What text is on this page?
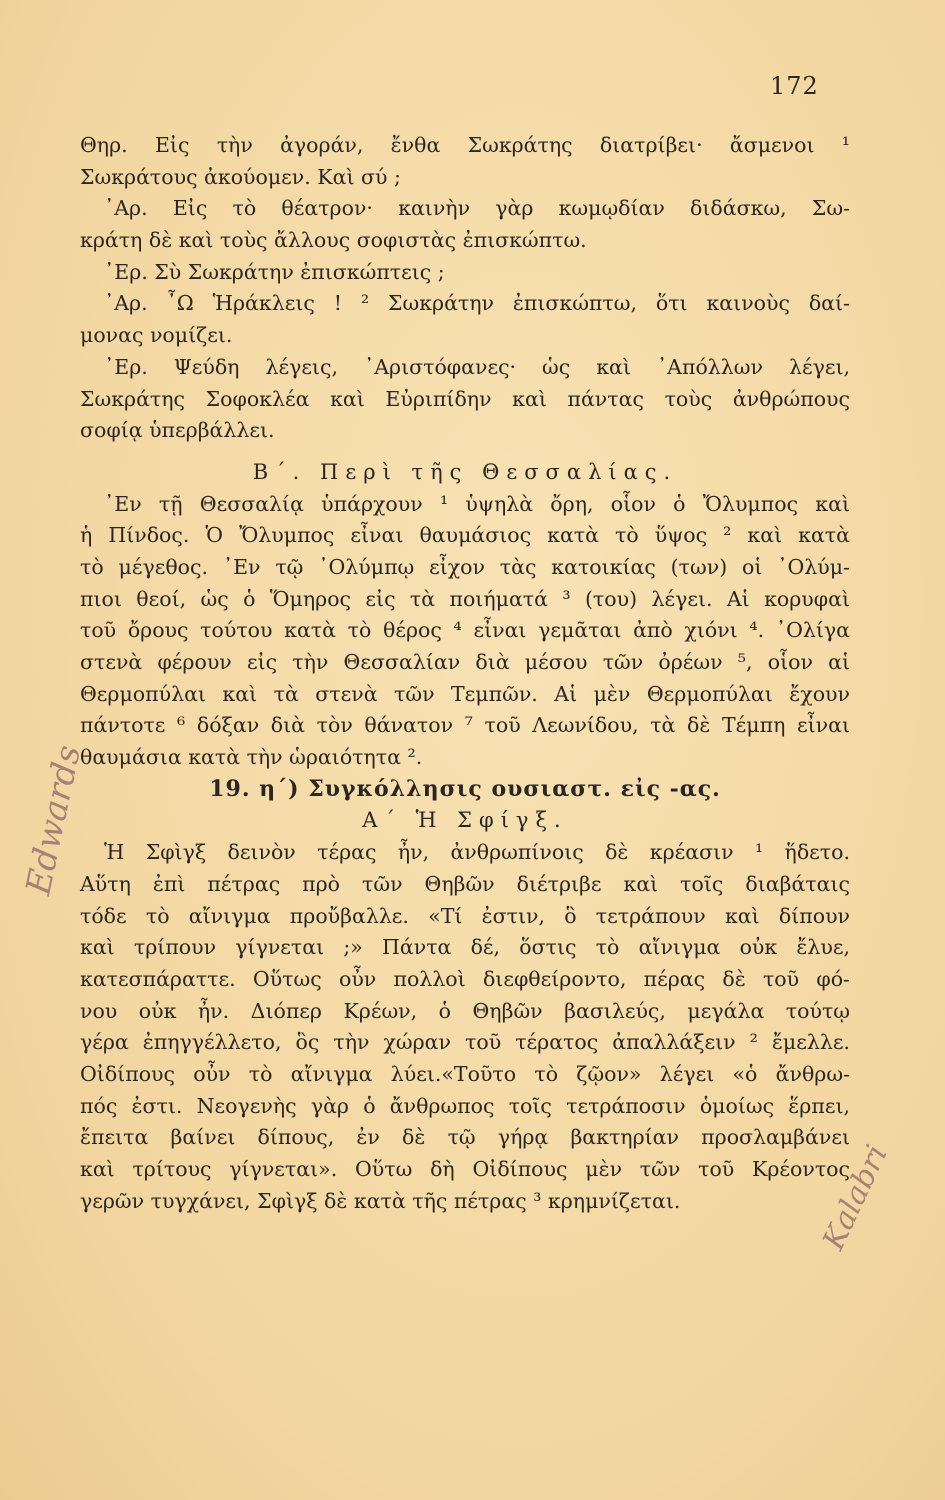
172
Θηρ. Εἰς τὴν ἀγοράν, ἔνθα Σωκράτης διατρίβει· ἄσμενοι ¹
Σωκράτους ἀκούομεν. Καὶ σύ ;
᾿Αρ. Εἰς τὸ θέατρον· καινὴν γὰρ κωμῳδίαν διδάσκω, Σω-
κράτη δὲ καὶ τοὺς ἄλλους σοφιστὰς ἐπισκώπτω.
᾿Ερ. Σὺ Σωκράτην ἐπισκώπτεις ;
᾿Αρ. ῏Ω Ἡράκλεις ! ² Σωκράτην ἐπισκώπτω, ὅτι καινοὺς δαί-
μονας νομίζει.
᾿Ερ. Ψεύδη λέγεις, ᾿Αριστόφανες· ὡς καὶ ᾿Απόλλων λέγει,
Σωκράτης Σοφοκλέα καὶ Εὐριπίδην καὶ πάντας τοὺς ἀνθρώπους
σοφίᾳ ὑπερβάλλει.
Β΄. Περὶ τῆς Θεσσαλίας.
᾿Εν τῇ Θεσσαλίᾳ ὑπάρχουν ¹ ὑψηλὰ ὄρη, οἷον ὁ Ὄλυμπος καὶ
ἡ Πίνδος. Ὁ Ὄλυμπος εἶναι θαυμάσιος κατὰ τὸ ὕψος ² καὶ κατὰ
τὸ μέγεθος. ᾿Εν τῷ ᾿Ολύμπῳ εἶχον τὰς κατοικίας (των) οἱ ᾿Ολύμ-
πιοι θεοί, ὡς ὁ Ὅμηρος εἰς τὰ ποιήματά ³ (του) λέγει. Αἱ κορυφαὶ
τοῦ ὄρους τούτου κατὰ τὸ θέρος ⁴ εἶναι γεμᾶται ἀπὸ χιόνι ⁴. ᾿Ολίγα
στενὰ φέρουν εἰς τὴν Θεσσαλίαν διὰ μέσου τῶν ὀρέων ⁵, οἷον αἱ
Θερμοπύλαι καὶ τὰ στενὰ τῶν Τεμπῶν. Αἱ μὲν Θερμοπύλαι ἔχουν
πάντοτε ⁶ δόξαν διὰ τὸν θάνατον ⁷ τοῦ Λεωνίδου, τὰ δὲ Τέμπη εἶναι
θαυμάσια κατὰ τὴν ὡραιότητα ².
19. η΄) Συγκόλλησις ουσιαστ. εἰς -ας.
Α΄ Ἡ Σφίγξ.
Ἡ Σφὶγξ δεινὸν τέρας ἦν, ἀνθρωπίνοις δὲ κρέασιν ¹ ἥδετο.
Αὕτη ἐπὶ πέτρας πρὸ τῶν Θηβῶν διέτριβε καὶ τοῖς διαβάταις
τόδε τὸ αἴνιγμα προὔβαλλε. «Τί ἐστιν, ὃ τετράπουν καὶ δίπουν
καὶ τρίπουν γίγνεται ;» Πάντα δέ, ὅστις τὸ αἴνιγμα οὐκ ἔλυε,
κατεσπάραττε. Οὕτως οὖν πολλοὶ διεφθείροντο, πέρας δὲ τοῦ φό-
νου οὐκ ἦν. Διόπερ Κρέων, ὁ Θηβῶν βασιλεύς, μεγάλα τούτῳ
γέρα ἐπηγγέλλετο, ὃς τὴν χώραν τοῦ τέρατος ἀπαλλάξειν ² ἔμελλε.
Οἰδίπους οὖν τὸ αἴνιγμα λύει.«Τοῦτο τὸ ζῷον» λέγει «ὁ ἄνθρω-
πός ἐστι. Νεογενὴς γὰρ ὁ ἄνθρωπος τοῖς τετράποσιν ὁμοίως ἕρπει,
ἔπειτα βαίνει δίπους, ἐν δὲ τῷ γήρᾳ βακτηρίαν προσλαμβάνει
καὶ τρίτους γίγνεται». Οὕτω δὴ Οἰδίπους μὲν τῶν τοῦ Κρέοντος
γερῶν τυγχάνει, Σφὶγξ δὲ κατὰ τῆς πέτρας ³ κρημνίζεται.
Edwards
Kalabri
